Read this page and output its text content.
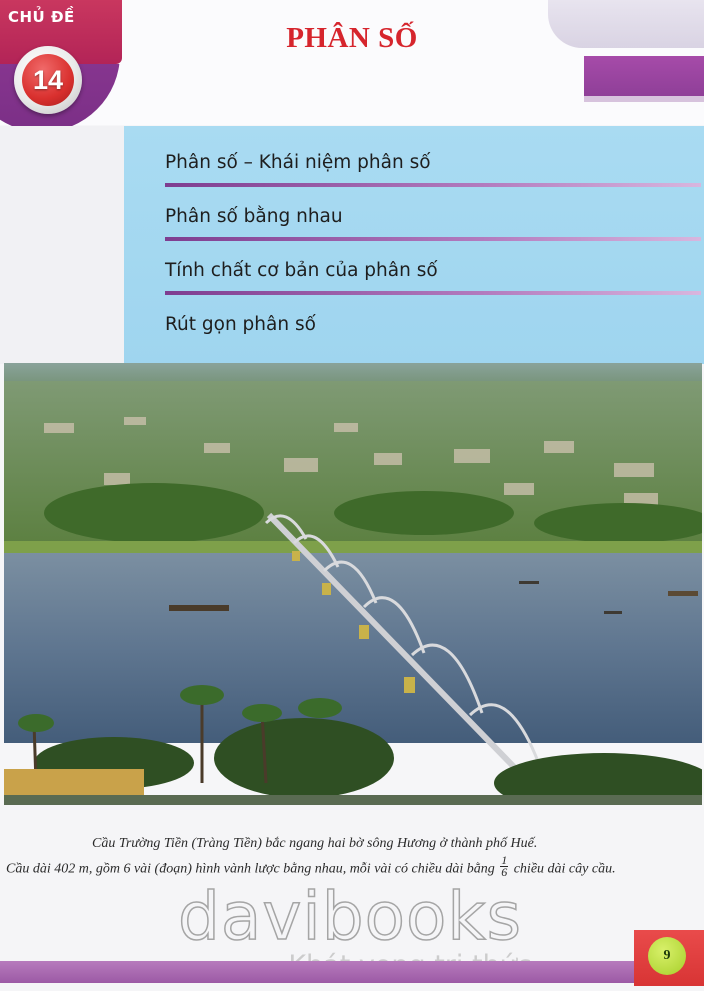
CHỦ ĐỀ
14
PHÂN SỐ
Phân số – Khái niệm phân số
Phân số bằng nhau
Tính chất cơ bản của phân số
Rút gọn phân số
Cầu Trường Tiền (Tràng Tiền) bắc ngang hai bờ sông Hương ở thành phố Huế.
Cầu dài 402 m, gồm 6 vài (đoạn) hình vành lược bằng nhau, mỗi vài có chiều dài bằng $\frac{1}{6}$ chiều dài cây cầu.
davibooks
9
